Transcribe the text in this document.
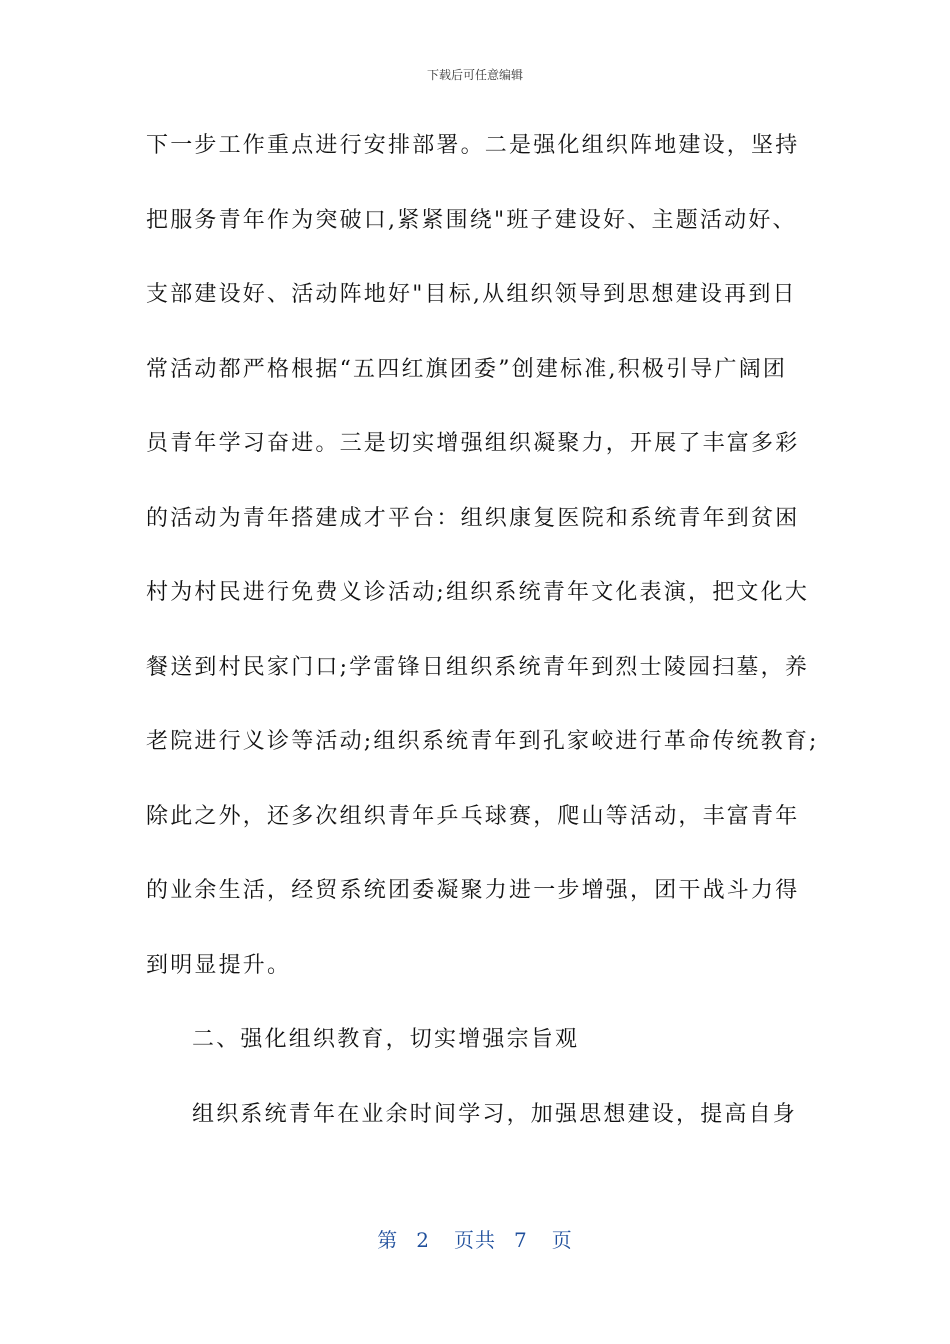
下载后可任意编辑
下一步工作重点进行安排部署。二是强化组织阵地建设，坚持
把服务青年作为突破口,紧紧围绕"班子建设好、主题活动好、
支部建设好、活动阵地好"目标,从组织领导到思想建设再到日
常活动都严格根据“五四红旗团委”创建标准,积极引导广阔团
员青年学习奋进。三是切实增强组织凝聚力，开展了丰富多彩
的活动为青年搭建成才平台：组织康复医院和系统青年到贫困
村为村民进行免费义诊活动;组织系统青年文化表演，把文化大
餐送到村民家门口;学雷锋日组织系统青年到烈士陵园扫墓，养
老院进行义诊等活动;组织系统青年到孔家峧进行革命传统教育;
除此之外，还多次组织青年乒乓球赛，爬山等活动，丰富青年
的业余生活，经贸系统团委凝聚力进一步增强，团干战斗力得
到明显提升。
二、强化组织教育，切实增强宗旨观
组织系统青年在业余时间学习，加强思想建设，提高自身
第 2 页共 7 页
